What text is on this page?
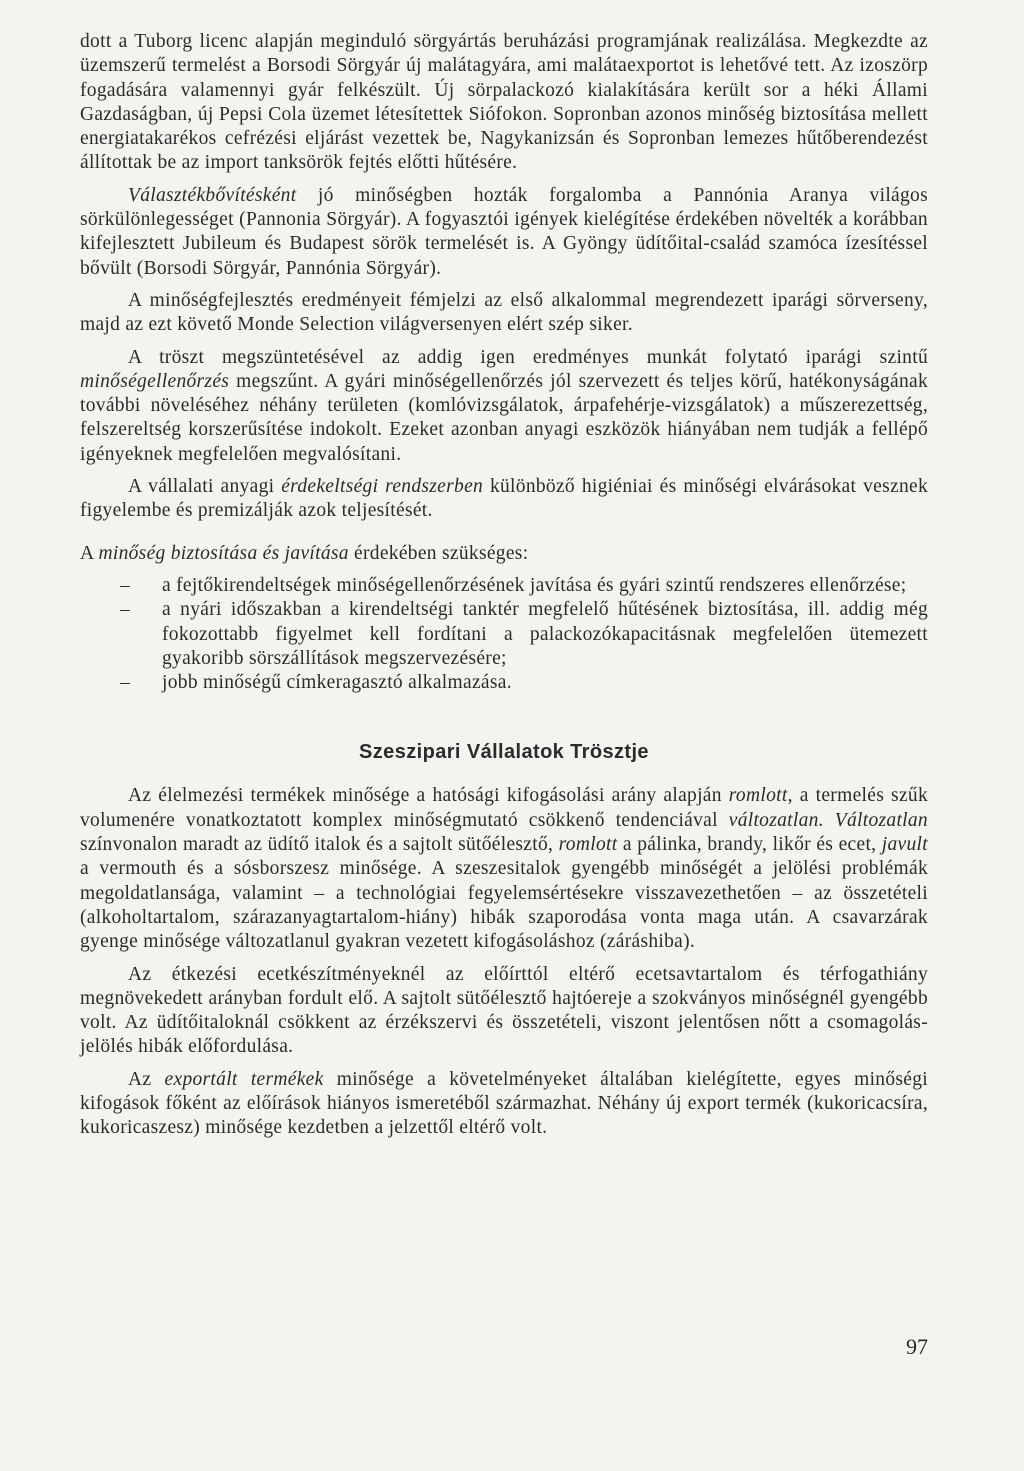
dott a Tuborg licenc alapján meginduló sörgyártás beruházási programjának realizálása. Megkezdte az üzemszerű termelést a Borsodi Sörgyár új malátagyára, ami malátaexportot is lehetővé tett. Az izoszörp fogadására valamennyi gyár felkészült. Új sörpalackozó kialakítására került sor a héki Állami Gazdaságban, új Pepsi Cola üzemet létesítettek Siófokon. Sopronban azonos minőség biztosítása mellett energiatakarékos cefrézési eljárást vezettek be, Nagykanizsán és Sopronban lemezes hűtőberendezést állítottak be az import tanksörök fejtés előtti hűtésére.

Választékbővítésként jó minőségben hozták forgalomba a Pannónia Aranya világos sörkülönlegességet (Pannonia Sörgyár). A fogyasztói igények kielégítése érdekében növelték a korábban kifejlesztett Jubileum és Budapest sörök termelését is. A Gyöngy üdítőital-család szamóca ízesítéssel bővült (Borsodi Sörgyár, Pannónia Sörgyár).

A minőségfejlesztés eredményeit fémjelzi az első alkalommal megrendezett iparági sörverseny, majd az ezt követő Monde Selection világversenyen elért szép siker.

A tröszt megszüntetésével az addig igen eredményes munkát folytató iparági szintű minőségellenőrzés megszűnt. A gyári minőségellenőrzés jól szervezett és teljes körű, hatékonyságának további növeléséhez néhány területen (komlóvizsgálatok, árpafehérje-vizsgálatok) a műszerezettség, felszereltség korszerűsítése indokolt. Ezeket azonban anyagi eszközök hiányában nem tudják a fellépő igényeknek megfelelően megvalósítani.

A vállalati anyagi érdekeltségi rendszerben különböző higiéniai és minőségi elvárásokat vesznek figyelembe és premizálják azok teljesítését.

A minőség biztosítása és javítása érdekében szükséges:

– a fejtőkirendeltségek minőségellenőrzésének javítása és gyári szintű rendszeres ellenőrzése;
– a nyári időszakban a kirendeltségi tanktér megfelelő hűtésének biztosítása, ill. addig még fokozottabb figyelmet kell fordítani a palackozókapacitásnak megfelelően ütemezett gyakoribb sörszállítások megszervezésére;
– jobb minőségű címkeragasztó alkalmazása.
Szeszipari Vállalatok Trösztje

Az élelmezési termékek minősége a hatósági kifogásolási arány alapján romlott, a termelés szűk volumenére vonatkoztatott komplex minőségmutató csökkenő tendenciával változatlan. Változatlan színvonalon maradt az üdítő italok és a sajtolt sütőélesztő, romlott a pálinka, brandy, likőr és ecet, javult a vermouth és a sósborszesz minősége. A szeszesitalok gyengébb minőségét a jelölési problémák megoldatlansága, valamint – a technológiai fegyelemsértésekre visszavezethetően – az összetételi (alkoholtartalom, szárazanyagtartalom-hiány) hibák szaporodása vonta maga után. A csavarzárak gyenge minősége változatlanul gyakran vezetett kifogásoláshoz (záráshiba).

Az étkezési ecetkészítményeknél az előírttól eltérő ecetsavtartalom és térfogathiány megnövekedett arányban fordult elő. A sajtolt sütőélesztő hajtóereje a szokványos minőségnél gyengébb volt. Az üdítőitaloknál csökkent az érzékszervi és összetételi, viszont jelentősen nőtt a csomagolás-jelölés hibák előfordulása.

Az exportált termékek minősége a követelményeket általában kielégítette, egyes minőségi kifogások főként az előírások hiányos ismeretéből származhat. Néhány új export termék (kukoricacsíra, kukoricaszesz) minősége kezdetben a jelzettől eltérő volt.

97
